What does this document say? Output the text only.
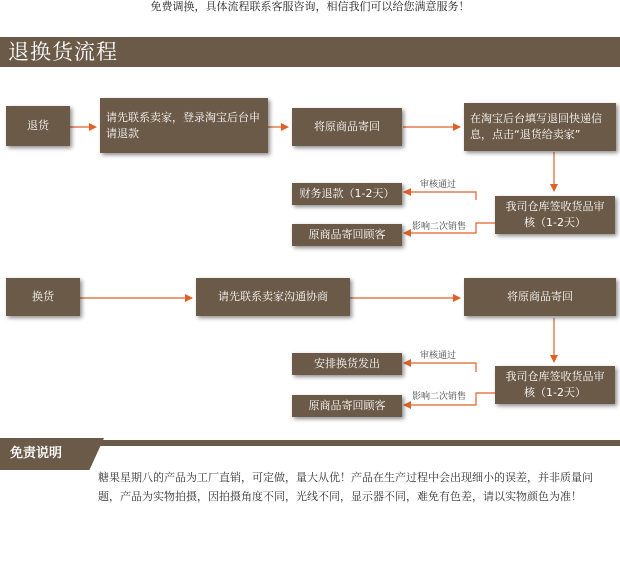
免费调换，具体流程联系客服咨询，相信我们可以给您满意服务！
退换货流程
退货
请先联系卖家，登录淘宝后台申请退款	将原商品寄回
在淘宝后台填写退回快递信息，点击“退货给卖家”
我司仓库签收货品审核（1-2天）
财务退款（1-2天）
原商品寄回顾客
审核通过
影响二次销售
换货	请先联系卖家沟通协商	将原商品寄回
我司仓库签收货品审核（1-2天）
安排换货发出
原商品寄回顾客
审核通过
影响二次销售
免责说明
糖果星期八的产品为工厂直销，可定做，量大从优！产品在生产过程中会出现细小的误差，并非质量问题，产品为实物拍摄，因拍摄角度不同，光线不同，显示器不同，难免有色差，请以实物颜色为准！
